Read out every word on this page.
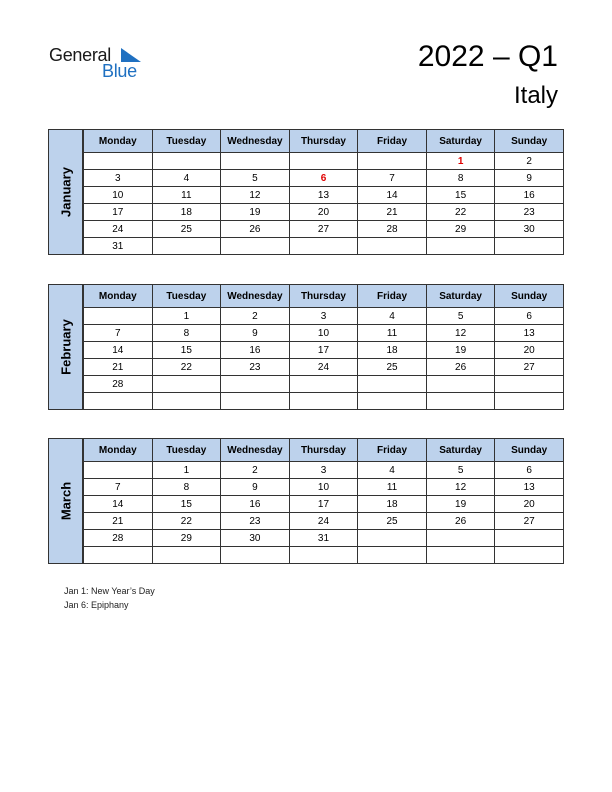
General
Blue	2022 – Q1
Italy
January
Monday	Tuesday	Wednesday	Thursday	Friday	Saturday	Sunday
					1	2
3	4	5	6	7	8	9
10	11	12	13	14	15	16
17	18	19	20	21	22	23
24	25	26	27	28	29	30
31						
February
Monday	Tuesday	Wednesday	Thursday	Friday	Saturday	Sunday
	1	2	3	4	5	6
7	8	9	10	11	12	13
14	15	16	17	18	19	20
21	22	23	24	25	26	27
28						

March
Monday	Tuesday	Wednesday	Thursday	Friday	Saturday	Sunday
	1	2	3	4	5	6
7	8	9	10	11	12	13
14	15	16	17	18	19	20
21	22	23	24	25	26	27
28	29	30	31			

Jan 1: New Year’s Day
Jan 6: Epiphany
